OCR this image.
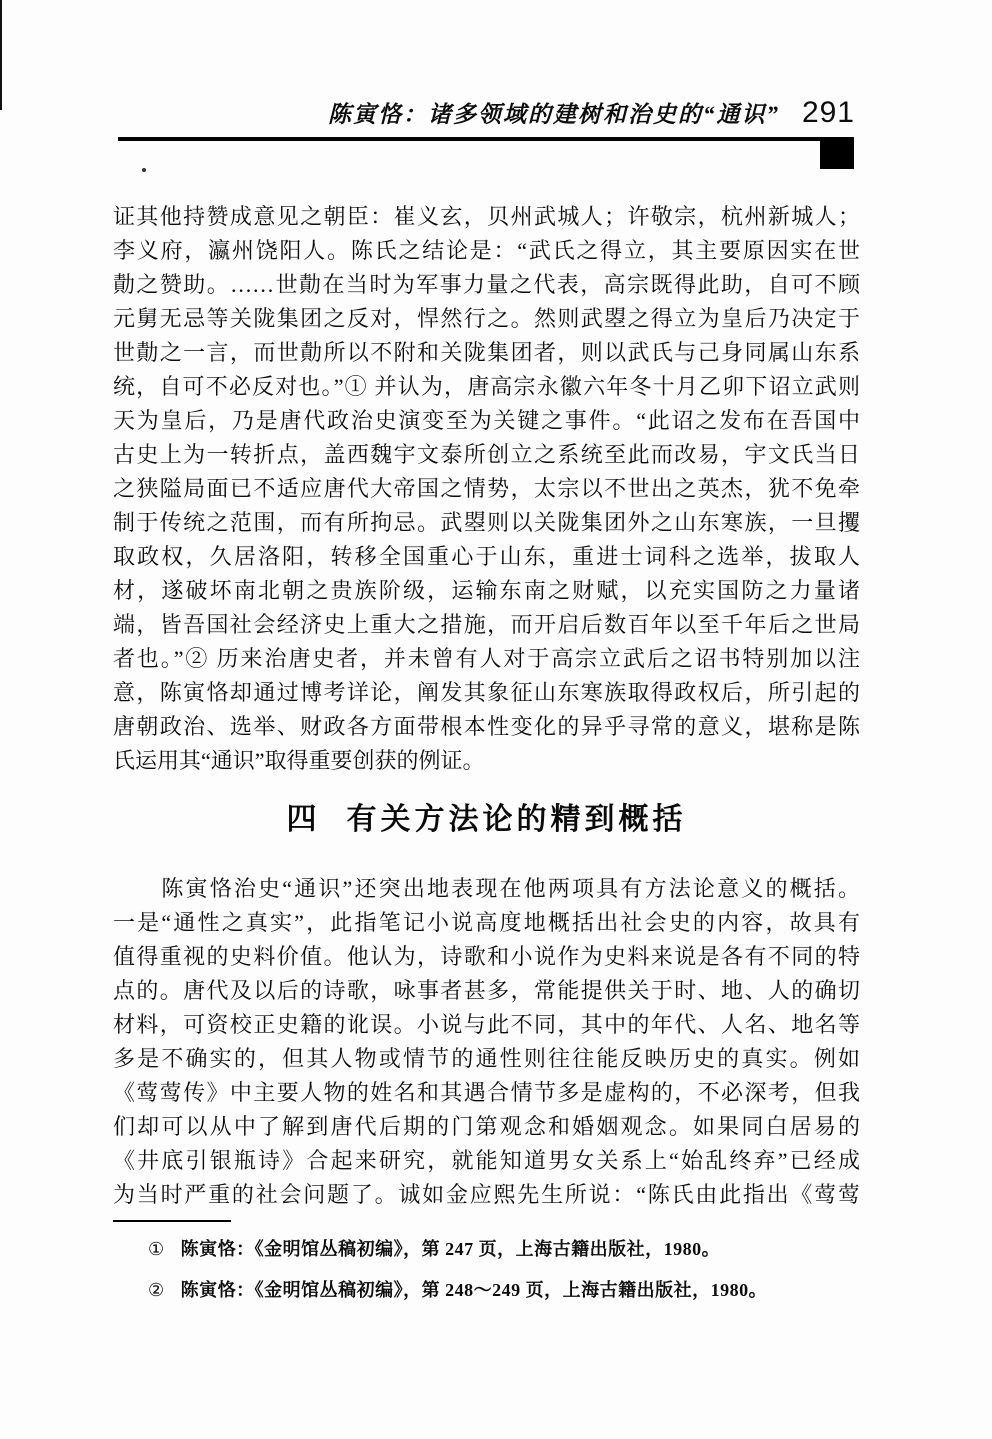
陈寅恪：诸多领域的建树和治史的“通识” 291
证其他持赞成意见之朝臣：崔义玄，贝州武城人；许敬宗，杭州新城人；
李义府，瀛州饶阳人。陈氏之结论是：“武氏之得立，其主要原因实在世
勣之赞助。……世勣在当时为军事力量之代表，高宗既得此助，自可不顾
元舅无忌等关陇集团之反对，悍然行之。然则武曌之得立为皇后乃决定于
世勣之一言，而世勣所以不附和关陇集团者，则以武氏与己身同属山东系
统，自可不必反对也。”① 并认为，唐高宗永徽六年冬十月乙卯下诏立武则
天为皇后，乃是唐代政治史演变至为关键之事件。“此诏之发布在吾国中
古史上为一转折点，盖西魏宇文泰所创立之系统至此而改易，宇文氏当日
之狭隘局面已不适应唐代大帝国之情势，太宗以不世出之英杰，犹不免牵
制于传统之范围，而有所拘忌。武曌则以关陇集团外之山东寒族，一旦攫
取政权，久居洛阳，转移全国重心于山东，重进士词科之选举，拔取人
材，遂破坏南北朝之贵族阶级，运输东南之财赋，以充实国防之力量诸
端，皆吾国社会经济史上重大之措施，而开启后数百年以至千年后之世局
者也。”② 历来治唐史者，并未曾有人对于高宗立武后之诏书特别加以注
意，陈寅恪却通过博考详论，阐发其象征山东寒族取得政权后，所引起的
唐朝政治、选举、财政各方面带根本性变化的异乎寻常的意义，堪称是陈
氏运用其“通识”取得重要创获的例证。
四 有关方法论的精到概括
　　陈寅恪治史“通识”还突出地表现在他两项具有方法论意义的概括。
一是“通性之真实”，此指笔记小说高度地概括出社会史的内容，故具有
值得重视的史料价值。他认为，诗歌和小说作为史料来说是各有不同的特
点的。唐代及以后的诗歌，咏事者甚多，常能提供关于时、地、人的确切
材料，可资校正史籍的讹误。小说与此不同，其中的年代、人名、地名等
多是不确实的，但其人物或情节的通性则往往能反映历史的真实。例如
《莺莺传》中主要人物的姓名和其遇合情节多是虚构的，不必深考，但我
们却可以从中了解到唐代后期的门第观念和婚姻观念。如果同白居易的
《井底引银瓶诗》合起来研究，就能知道男女关系上“始乱终弃”已经成
为当时严重的社会问题了。诚如金应熙先生所说：“陈氏由此指出《莺莺
① 陈寅恪：《金明馆丛稿初编》，第 247 页，上海古籍出版社，1980。
② 陈寅恪：《金明馆丛稿初编》，第 248～249 页，上海古籍出版社，1980。
